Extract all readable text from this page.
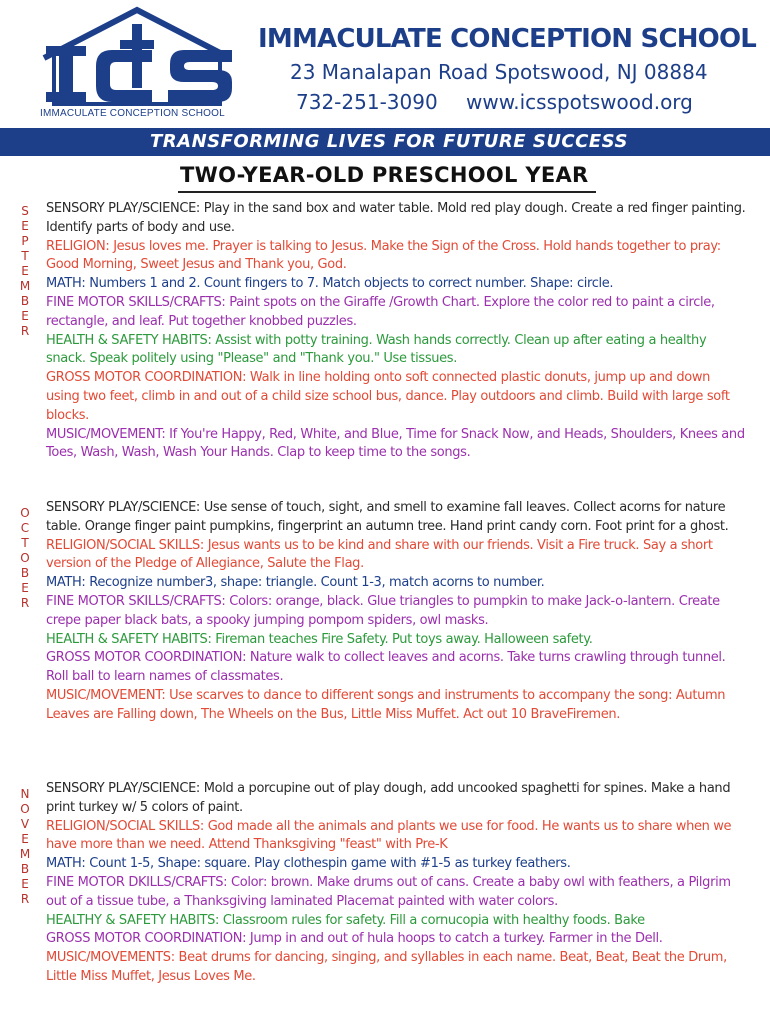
IMMACULATE CONCEPTION SCHOOL
IMMACULATE CONCEPTION SCHOOL
23 Manalapan Road Spotswood, NJ 08884
732-251-3090 www.icsspotswood.org
TRANSFORMING LIVES FOR FUTURE SUCCESS
TWO-YEAR-OLD PRESCHOOL YEAR
S
E
P
T
E
M
B
E
R

SENSORY PLAY/SCIENCE: Play in the sand box and water table. Mold red play dough. Create a red finger painting. Identify parts of body and use.

RELIGION: Jesus loves me. Prayer is talking to Jesus. Make the Sign of the Cross. Hold hands together to pray: Good Morning, Sweet Jesus and Thank you, God.

MATH: Numbers 1 and 2. Count fingers to 7. Match objects to correct number. Shape: circle.

FINE MOTOR SKILLS/CRAFTS: Paint spots on the Giraffe /Growth Chart. Explore the color red to paint a circle, rectangle, and leaf. Put together knobbed puzzles.

HEALTH & SAFETY HABITS: Assist with potty training. Wash hands correctly. Clean up after eating a healthy snack. Speak politely using "Please" and "Thank you." Use tissues.

GROSS MOTOR COORDINATION: Walk in line holding onto soft connected plastic donuts, jump up and down using two feet, climb in and out of a child size school bus, dance. Play outdoors and climb. Build with large soft blocks.

MUSIC/MOVEMENT: If You're Happy, Red, White, and Blue, Time for Snack Now, and Heads, Shoulders, Knees and Toes, Wash, Wash, Wash Your Hands. Clap to keep time to the songs.

O
C
T
O
B
E
R

SENSORY PLAY/SCIENCE: Use sense of touch, sight, and smell to examine fall leaves. Collect acorns for nature table. Orange finger paint pumpkins, fingerprint an autumn tree. Hand print candy corn. Foot print for a ghost.

RELIGION/SOCIAL SKILLS: Jesus wants us to be kind and share with our friends. Visit a Fire truck. Say a short version of the Pledge of Allegiance, Salute the Flag.

MATH: Recognize number3, shape: triangle. Count 1-3, match acorns to number.

FINE MOTOR SKILLS/CRAFTS: Colors: orange, black. Glue triangles to pumpkin to make Jack-o-lantern. Create crepe paper black bats, a spooky jumping pompom spiders, owl masks.

HEALTH & SAFETY HABITS: Fireman teaches Fire Safety. Put toys away. Halloween safety.

GROSS MOTOR COORDINATION: Nature walk to collect leaves and acorns. Take turns crawling through tunnel. Roll ball to learn names of classmates.

MUSIC/MOVEMENT: Use scarves to dance to different songs and instruments to accompany the song: Autumn Leaves are Falling down, The Wheels on the Bus, Little Miss Muffet. Act out 10 BraveFiremen.

N
O
V
E
M
B
E
R

SENSORY PLAY/SCIENCE: Mold a porcupine out of play dough, add uncooked spaghetti for spines. Make a hand print turkey w/ 5 colors of paint.

RELIGION/SOCIAL SKILLS: God made all the animals and plants we use for food. He wants us to share when we have more than we need. Attend Thanksgiving "feast" with Pre-K

MATH: Count 1-5, Shape: square. Play clothespin game with #1-5 as turkey feathers.

FINE MOTOR DKILLS/CRAFTS: Color: brown. Make drums out of cans. Create a baby owl with feathers, a Pilgrim out of a tissue tube, a Thanksgiving laminated Placemat painted with water colors.

HEALTHY & SAFETY HABITS: Classroom rules for safety. Fill a cornucopia with healthy foods. Bake

GROSS MOTOR COORDINATION: Jump in and out of hula hoops to catch a turkey. Farmer in the Dell.

MUSIC/MOVEMENTS: Beat drums for dancing, singing, and syllables in each name. Beat, Beat, Beat the Drum, Little Miss Muffet, Jesus Loves Me.
